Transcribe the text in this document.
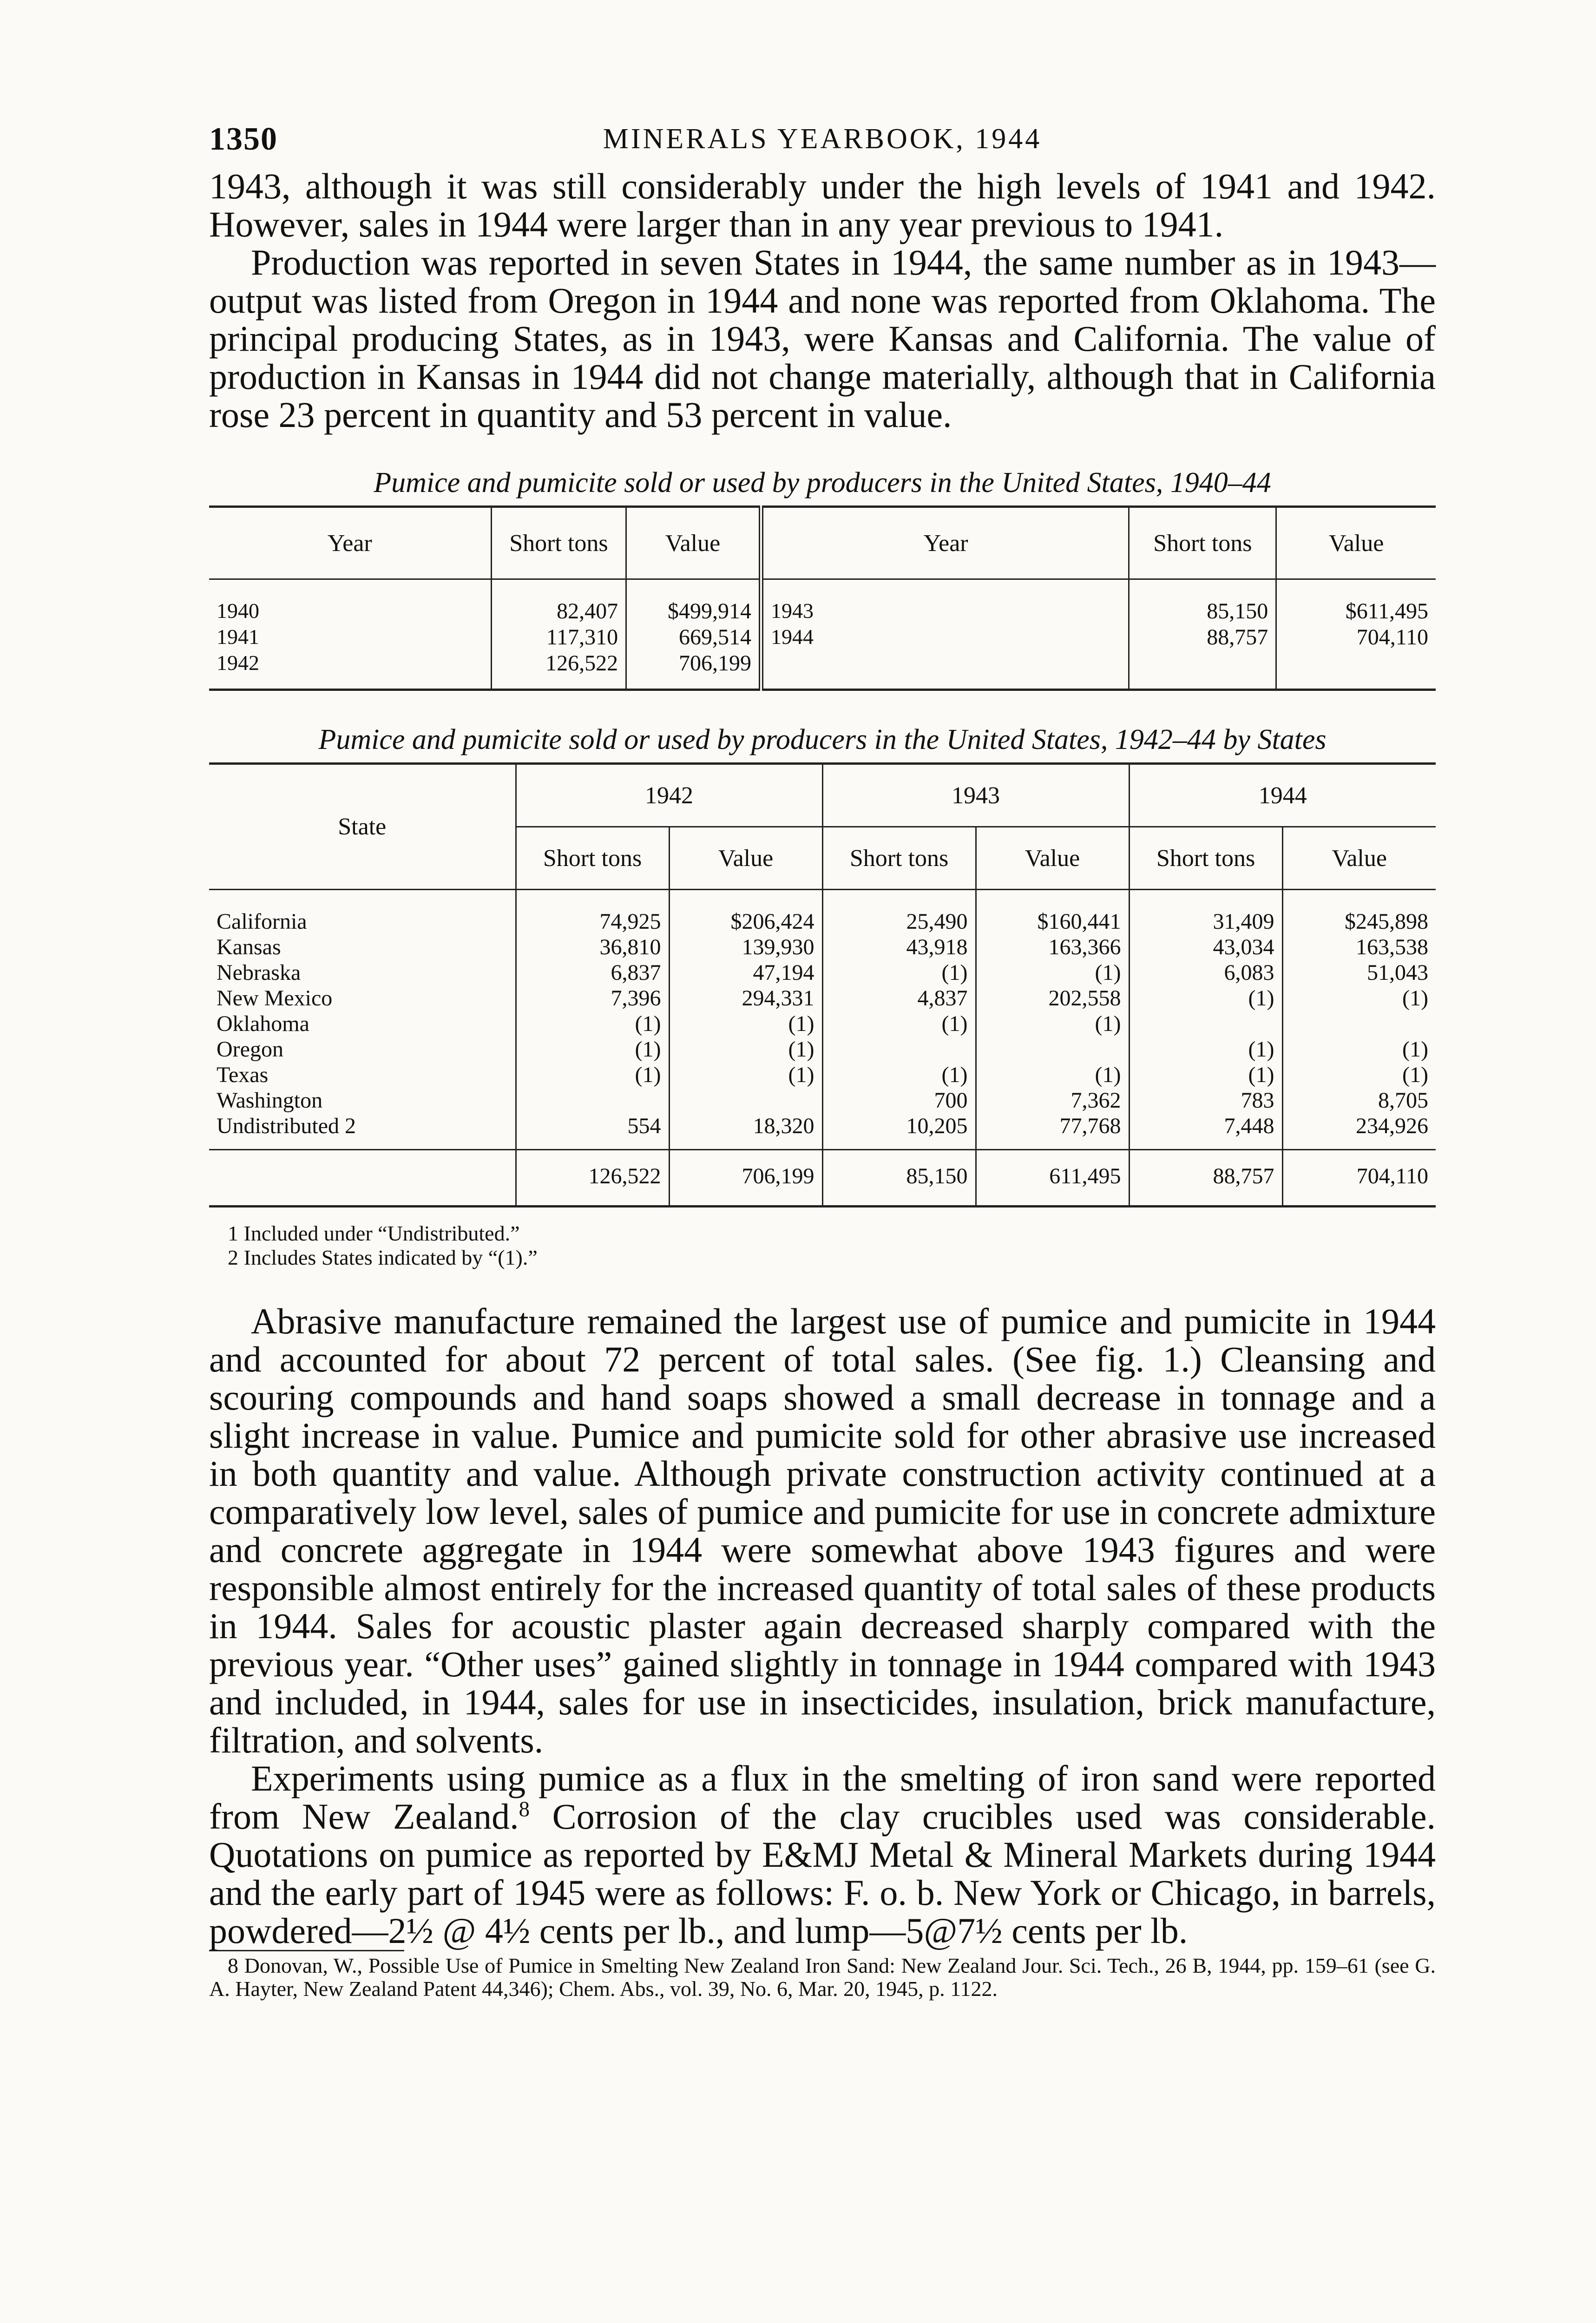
1350	MINERALS YEARBOOK, 1944

1943, although it was still considerably under the high levels of 1941 and 1942. However, sales in 1944 were larger than in any year previous to 1941.

Production was reported in seven States in 1944, the same number as in 1943—output was listed from Oregon in 1944 and none was reported from Oklahoma. The principal producing States, as in 1943, were Kansas and California. The value of production in Kansas in 1944 did not change materially, although that in California rose 23 percent in quantity and 53 percent in value.

Pumice and pumicite sold or used by producers in the United States, 1940–44

Year	Short tons	Value	Year	Short tons	Value
1940	82,407	$499,914	1943	85,150	$611,495
1941	117,310	669,514	1944	88,757	704,110
1942	126,522	706,199			

Pumice and pumicite sold or used by producers in the United States, 1942–44 by States

State	1942		1943		1944	
	Short tons	Value	Short tons	Value	Short tons	Value
California	74,925	$206,424	25,490	$160,441	31,409	$245,898
Kansas	36,810	139,930	43,918	163,366	43,034	163,538
Nebraska	6,837	47,194	(1)	(1)	6,083	51,043
New Mexico	7,396	294,331	4,837	202,558	(1)	(1)
Oklahoma	(1)	(1)	(1)	(1)		
Oregon	(1)	(1)			(1)	(1)
Texas	(1)	(1)	(1)	(1)	(1)	(1)
Washington			700	7,362	783	8,705
Undistributed 2	554	18,320	10,205	77,768	7,448	234,926
	126,522	706,199	85,150	611,495	88,757	704,110
1 Included under “Undistributed.”
2 Includes States indicated by “(1).”

Abrasive manufacture remained the largest use of pumice and pumicite in 1944 and accounted for about 72 percent of total sales. (See fig. 1.) Cleansing and scouring compounds and hand soaps showed a small decrease in tonnage and a slight increase in value. Pumice and pumicite sold for other abrasive use increased in both quantity and value. Although private construction activity continued at a comparatively low level, sales of pumice and pumicite for use in concrete admixture and concrete aggregate in 1944 were somewhat above 1943 figures and were responsible almost entirely for the increased quantity of total sales of these products in 1944. Sales for acoustic plaster again decreased sharply compared with the previous year. “Other uses” gained slightly in tonnage in 1944 compared with 1943 and included, in 1944, sales for use in insecticides, insulation, brick manufacture, filtration, and solvents.

Experiments using pumice as a flux in the smelting of iron sand were reported from New Zealand.$^8$ Corrosion of the clay crucibles used was considerable. Quotations on pumice as reported by E&MJ Metal & Mineral Markets during 1944 and the early part of 1945 were as follows: F. o. b. New York or Chicago, in barrels, powdered—2½ @ 4½ cents per lb., and lump—5@7½ cents per lb.

8 Donovan, W., Possible Use of Pumice in Smelting New Zealand Iron Sand: New Zealand Jour. Sci. Tech., 26 B, 1944, pp. 159–61 (see G. A. Hayter, New Zealand Patent 44,346); Chem. Abs., vol. 39, No. 6, Mar. 20, 1945, p. 1122.
